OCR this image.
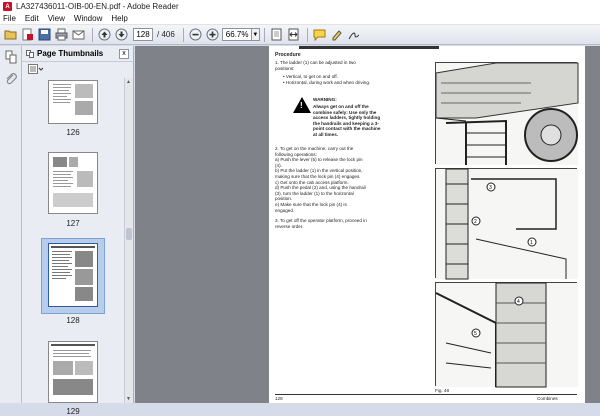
A LA327436011-OIB-00-EN.pdf - Adobe Reader
File Edit View Window Help
128 / 406	66.7% ▼
Page Thumbnails	x
126
127
128
129
▲
▼
Procedure
1. The ladder (1) can be adjusted in two
positions:
• Vertical, to get on and off.
• Horizontal, during work and when driving.
!
WARNING:
Always get on and off the
combine safely: Use only the
access ladders, tightly holding
the handrails and keeping a 3-
point contact with the machine
at all times.
2. To get on the machine, carry out the
following operations:
a) Push the lever (5) to release the lock pin
(4).
b) Put the ladder (1) in the vertical position,
making sure that the lock pin (4) engages.
c) Get onto the cab access platform.
d) Push the pedal (2) and, using the handrail
(3), turn the ladder (1) to the horizontal
position.
e) Make sure that the lock pin (4) is
engaged.
3. To get off the operator platform, proceed in
reverse order.
3
2
1
4
5
Fig. 48
128	Combines
